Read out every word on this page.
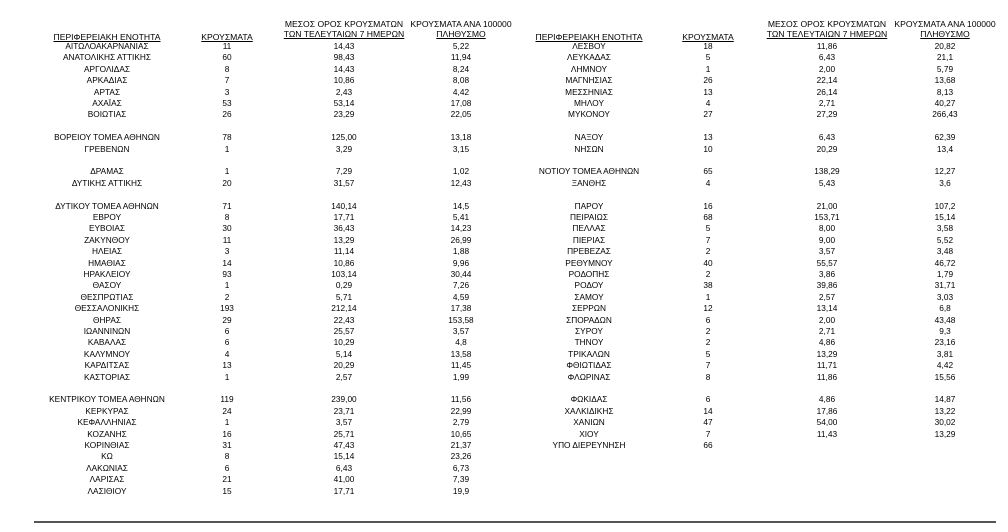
ΠΕΡΙΦΕΡΕΙΑΚΗ ΕΝΟΤΗΤΑ	ΚΡΟΥΣΜΑΤΑ
ΜΕΣΟΣ ΟΡΟΣ ΚΡΟΥΣΜΑΤΩΝ
ΤΩΝ ΤΕΛΕΥΤΑΙΩΝ 7 ΗΜΕΡΩΝ
ΚΡΟΥΣΜΑΤΑ ΑΝΑ 100000
ΠΛΗΘΥΣΜΟ	ΠΕΡΙΦΕΡΕΙΑΚΗ ΕΝΟΤΗΤΑ	ΚΡΟΥΣΜΑΤΑ
ΜΕΣΟΣ ΟΡΟΣ ΚΡΟΥΣΜΑΤΩΝ
ΤΩΝ ΤΕΛΕΥΤΑΙΩΝ 7 ΗΜΕΡΩΝ
ΚΡΟΥΣΜΑΤΑ ΑΝΑ 100000
ΠΛΗΘΥΣΜΟ
ΑΙΤΩΛΟΑΚΑΡΝΑΝΙΑΣ	11	14,43	5,22
ΑΝΑΤΟΛΙΚΗΣ ΑΤΤΙΚΗΣ	60	98,43	11,94
ΑΡΓΟΛΙΔΑΣ	8	14,43	8,24
ΑΡΚΑΔΙΑΣ	7	10,86	8,08
ΑΡΤΑΣ	3	2,43	4,42
ΑΧΑΪΑΣ	53	53,14	17,08
ΒΟΙΩΤΙΑΣ	26	23,29	22,05
ΒΟΡΕΙΟΥ ΤΟΜΕΑ ΑΘΗΝΩΝ	78	125,00	13,18
ΓΡΕΒΕΝΩΝ	1	3,29	3,15
ΔΡΑΜΑΣ	1	7,29	1,02
ΔΥΤΙΚΗΣ ΑΤΤΙΚΗΣ	20	31,57	12,43
ΔΥΤΙΚΟΥ ΤΟΜΕΑ ΑΘΗΝΩΝ	71	140,14	14,5
ΕΒΡΟΥ	8	17,71	5,41
ΕΥΒΟΙΑΣ	30	36,43	14,23
ΖΑΚΥΝΘΟΥ	11	13,29	26,99
ΗΛΕΙΑΣ	3	11,14	1,88
ΗΜΑΘΙΑΣ	14	10,86	9,96
ΗΡΑΚΛΕΙΟΥ	93	103,14	30,44
ΘΑΣΟΥ	1	0,29	7,26
ΘΕΣΠΡΩΤΙΑΣ	2	5,71	4,59
ΘΕΣΣΑΛΟΝΙΚΗΣ	193	212,14	17,38
ΘΗΡΑΣ	29	22,43	153,58
ΙΩΑΝΝΙΝΩΝ	6	25,57	3,57
ΚΑΒΑΛΑΣ	6	10,29	4,8
ΚΑΛΥΜΝΟΥ	4	5,14	13,58
ΚΑΡΔΙΤΣΑΣ	13	20,29	11,45
ΚΑΣΤΟΡΙΑΣ	1	2,57	1,99
ΚΕΝΤΡΙΚΟΥ ΤΟΜΕΑ ΑΘΗΝΩΝ	119	239,00	11,56
ΚΕΡΚΥΡΑΣ	24	23,71	22,99
ΚΕΦΑΛΛΗΝΙΑΣ	1	3,57	2,79
ΚΟΖΑΝΗΣ	16	25,71	10,65
ΚΟΡΙΝΘΙΑΣ	31	47,43	21,37
ΚΩ	8	15,14	23,26
ΛΑΚΩΝΙΑΣ	6	6,43	6,73
ΛΑΡΙΣΑΣ	21	41,00	7,39
ΛΑΣΙΘΙΟΥ	15	17,71	19,9
ΛΕΣΒΟΥ	18	11,86	20,82
ΛΕΥΚΑΔΑΣ	5	6,43	21,1
ΛΗΜΝΟΥ	1	2,00	5,79
ΜΑΓΝΗΣΙΑΣ	26	22,14	13,68
ΜΕΣΣΗΝΙΑΣ	13	26,14	8,13
ΜΗΛΟΥ	4	2,71	40,27
ΜΥΚΟΝΟΥ	27	27,29	266,43
ΝΑΞΟΥ	13	6,43	62,39
ΝΗΣΩΝ	10	20,29	13,4
ΝΟΤΙΟΥ ΤΟΜΕΑ ΑΘΗΝΩΝ	65	138,29	12,27
ΞΑΝΘΗΣ	4	5,43	3,6
ΠΑΡΟΥ	16	21,00	107,2
ΠΕΙΡΑΙΩΣ	68	153,71	15,14
ΠΕΛΛΑΣ	5	8,00	3,58
ΠΙΕΡΙΑΣ	7	9,00	5,52
ΠΡΕΒΕΖΑΣ	2	3,57	3,48
ΡΕΘΥΜΝΟΥ	40	55,57	46,72
ΡΟΔΟΠΗΣ	2	3,86	1,79
ΡΟΔΟΥ	38	39,86	31,71
ΣΑΜΟΥ	1	2,57	3,03
ΣΕΡΡΩΝ	12	13,14	6,8
ΣΠΟΡΑΔΩΝ	6	2,00	43,48
ΣΥΡΟΥ	2	2,71	9,3
ΤΗΝΟΥ	2	4,86	23,16
ΤΡΙΚΑΛΩΝ	5	13,29	3,81
ΦΘΙΩΤΙΔΑΣ	7	11,71	4,42
ΦΛΩΡΙΝΑΣ	8	11,86	15,56
ΦΩΚΙΔΑΣ	6	4,86	14,87
ΧΑΛΚΙΔΙΚΗΣ	14	17,86	13,22
ΧΑΝΙΩΝ	47	54,00	30,02
ΧΙΟΥ	7	11,43	13,29
ΥΠΟ ΔΙΕΡΕΥΝΗΣΗ	66
